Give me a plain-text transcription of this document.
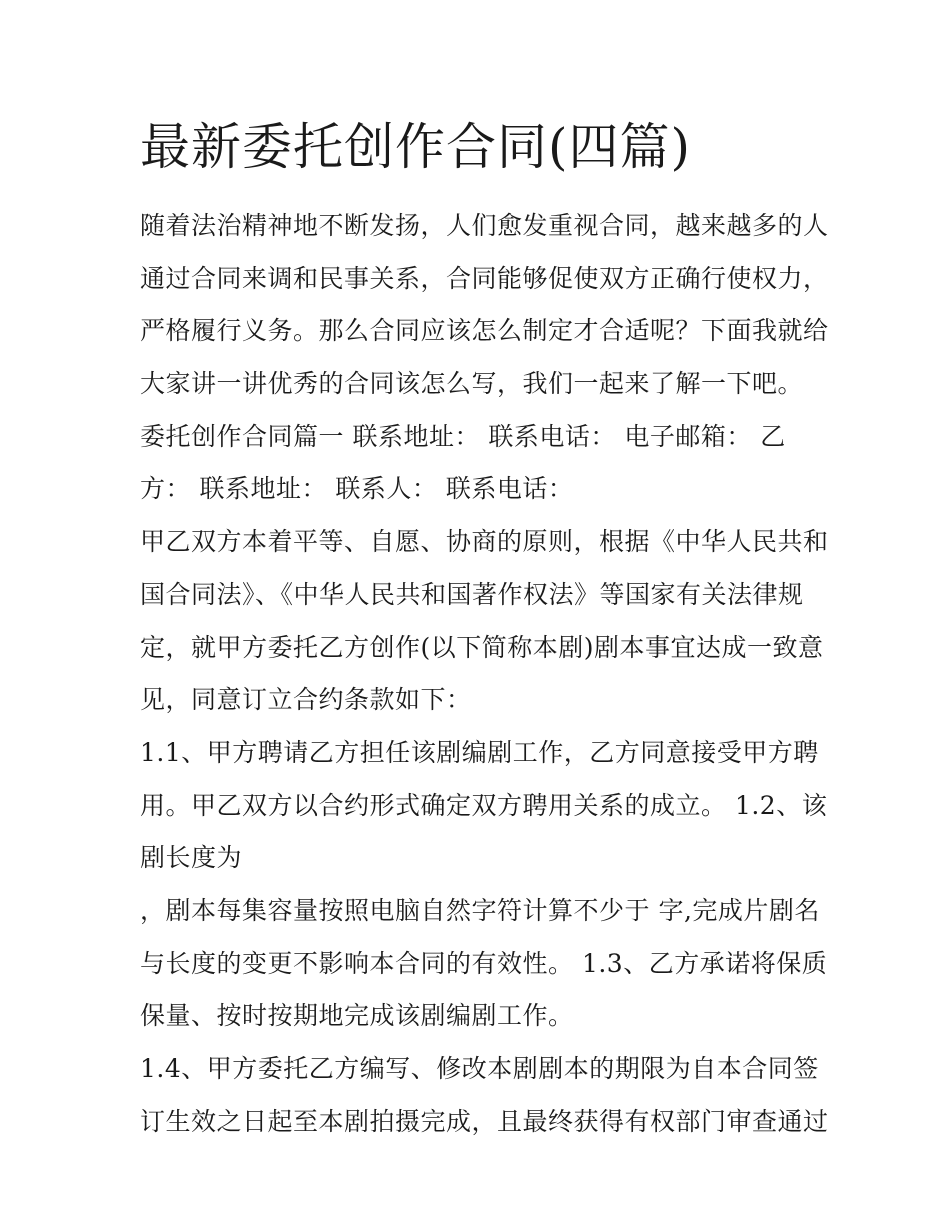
最新委托创作合同(四篇)
随着法治精神地不断发扬，人们愈发重视合同，越来越多的人
通过合同来调和民事关系，合同能够促使双方正确行使权力，
严格履行义务。那么合同应该怎么制定才合适呢？下面我就给
大家讲一讲优秀的合同该怎么写，我们一起来了解一下吧。
委托创作合同篇一 联系地址： 联系电话： 电子邮箱： 乙
方： 联系地址： 联系人： 联系电话：
甲乙双方本着平等、自愿、协商的原则，根据《中华人民共和
国合同法》、《中华人民共和国著作权法》等国家有关法律规
定，就甲方委托乙方创作(以下简称本剧)剧本事宜达成一致意
见，同意订立合约条款如下：
1.1、甲方聘请乙方担任该剧编剧工作，乙方同意接受甲方聘
用。甲乙双方以合约形式确定双方聘用关系的成立。 1.2、该
剧长度为
，剧本每集容量按照电脑自然字符计算不少于 字,完成片剧名
与长度的变更不影响本合同的有效性。 1.3、乙方承诺将保质
保量、按时按期地完成该剧编剧工作。
1.4、甲方委托乙方编写、修改本剧剧本的期限为自本合同签
订生效之日起至本剧拍摄完成，且最终获得有权部门审查通过
